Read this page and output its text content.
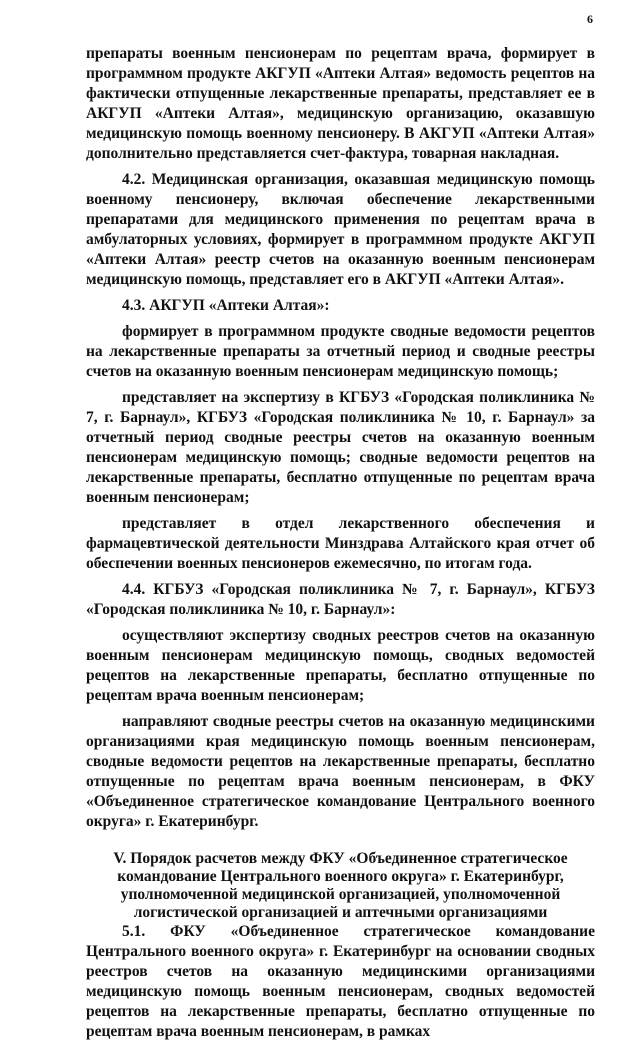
6

препараты военным пенсионерам по рецептам врача, формирует в программном продукте АКГУП «Аптеки Алтая» ведомость рецептов на фактически отпущенные лекарственные препараты, представляет ее в АКГУП «Аптеки Алтая», медицинскую организацию, оказавшую медицинскую помощь военному пенсионеру. В АКГУП «Аптеки Алтая» дополнительно представляется счет-фактура, товарная накладная.

4.2. Медицинская организация, оказавшая медицинскую помощь военному пенсионеру, включая обеспечение лекарственными препаратами для медицинского применения по рецептам врача в амбулаторных условиях, формирует в программном продукте АКГУП «Аптеки Алтая» реестр счетов на оказанную военным пенсионерам медицинскую помощь, представляет его в АКГУП «Аптеки Алтая».

4.3. АКГУП «Аптеки Алтая»:

формирует в программном продукте сводные ведомости рецептов на лекарственные препараты за отчетный период и сводные реестры счетов на оказанную военным пенсионерам медицинскую помощь;

представляет на экспертизу в КГБУЗ «Городская поликлиника № 7, г. Барнаул», КГБУЗ «Городская поликлиника № 10, г. Барнаул» за отчетный период сводные реестры счетов на оказанную военным пенсионерам медицинскую помощь; сводные ведомости рецептов на лекарственные препараты, бесплатно отпущенные по рецептам врача военным пенсионерам;

представляет в отдел лекарственного обеспечения и фармацевтической деятельности Минздрава Алтайского края отчет об обеспечении военных пенсионеров ежемесячно, по итогам года.

4.4. КГБУЗ «Городская поликлиника № 7, г. Барнаул», КГБУЗ «Городская поликлиника № 10, г. Барнаул»:

осуществляют экспертизу сводных реестров счетов на оказанную военным пенсионерам медицинскую помощь, сводных ведомостей рецептов на лекарственные препараты, бесплатно отпущенные по рецептам врача военным пенсионерам;

направляют сводные реестры счетов на оказанную медицинскими организациями края медицинскую помощь военным пенсионерам, сводные ведомости рецептов на лекарственные препараты, бесплатно отпущенные по рецептам врача военным пенсионерам, в ФКУ «Объединенное стратегическое командование Центрального военного округа» г. Екатеринбург.

V. Порядок расчетов между ФКУ «Объединенное стратегическое командование Центрального военного округа» г. Екатеринбург, уполномоченной медицинской организацией, уполномоченной логистической организацией и аптечными организациями

5.1. ФКУ «Объединенное стратегическое командование Центрального военного округа» г. Екатеринбург на основании сводных реестров счетов на оказанную медицинскими организациями медицинскую помощь военным пенсионерам, сводных ведомостей рецептов на лекарственные препараты, бесплатно отпущенные по рецептам врача военным пенсионерам, в рамках
